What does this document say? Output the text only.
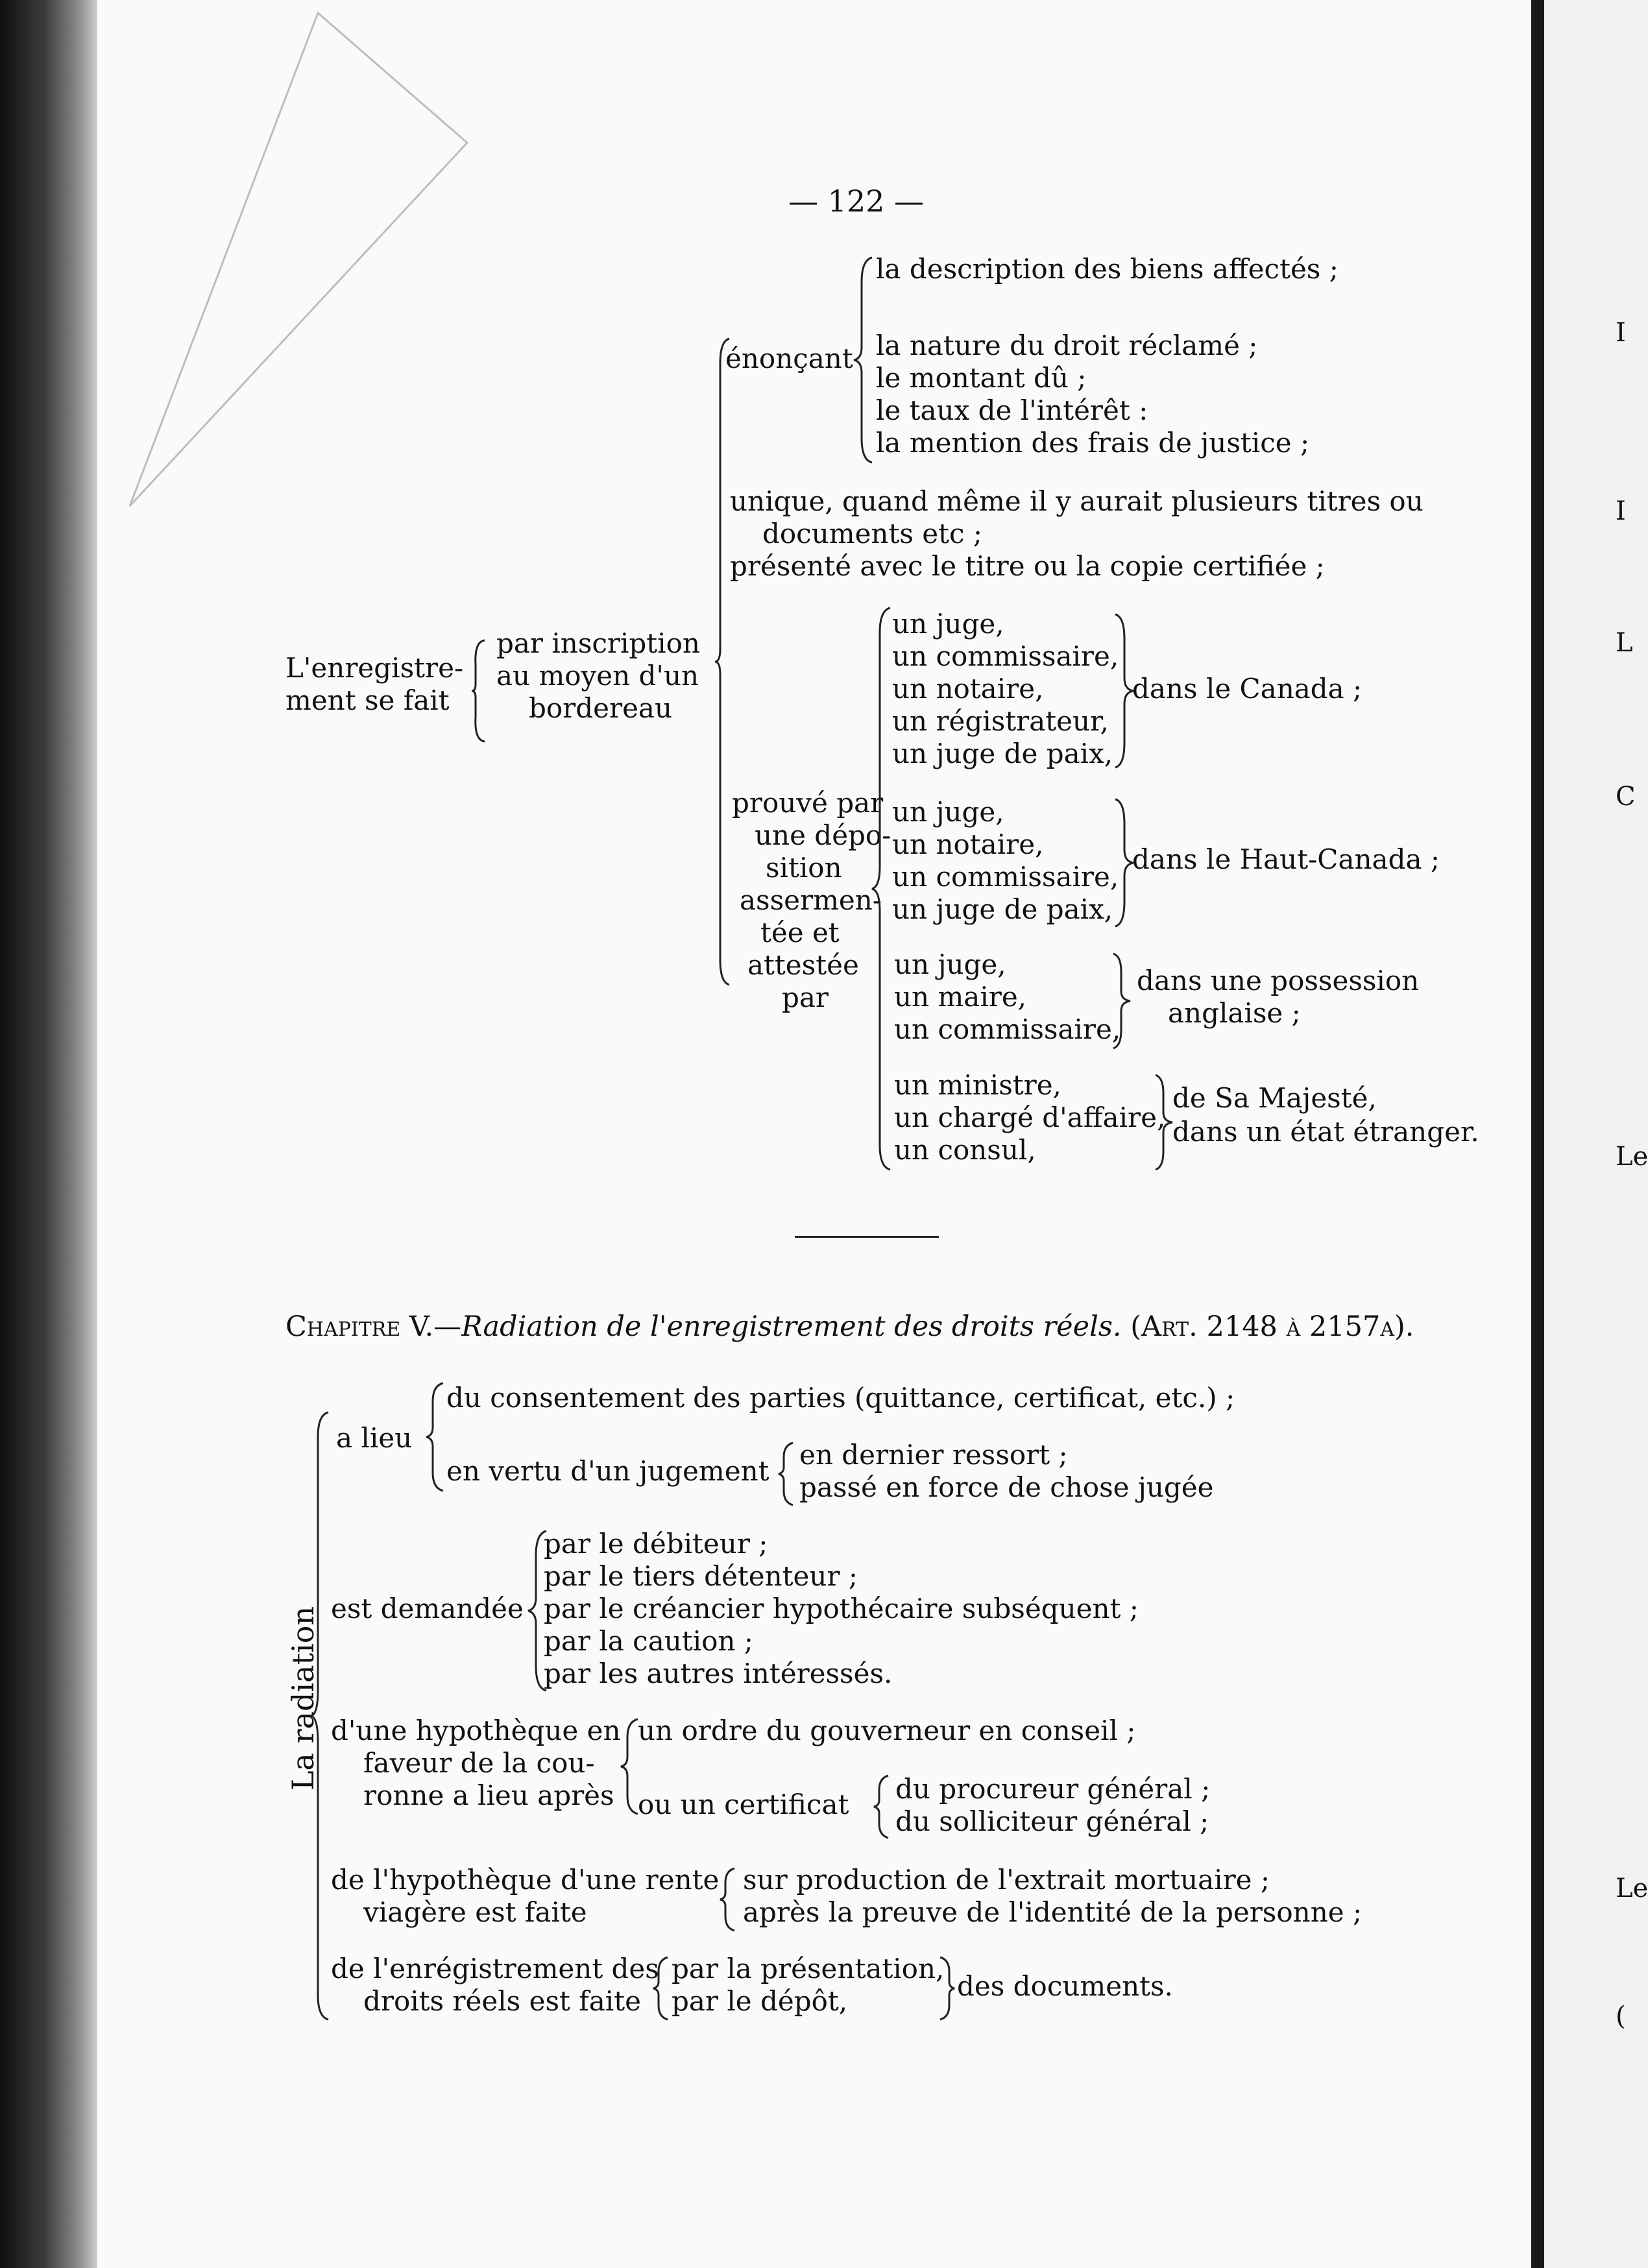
— 122 —
L'enregistre-
ment se fait
par inscription
au moyen d'un
bordereau
énonçant
la description des biens affectés ;
la nature du droit réclamé ;
le montant dû ;
le taux de l'intérêt :
la mention des frais de justice ;
unique, quand même il y aurait plusieurs titres ou
documents etc ;
présenté avec le titre ou la copie certifiée ;
prouvé par
une dépo-
sition
assermen-
tée et
attestée
par
un juge,
un commissaire,
un notaire,
un régistrateur,
un juge de paix,
dans le Canada ;
un juge,
un notaire,
un commissaire,
un juge de paix,
dans le Haut-Canada ;
un juge,
un maire,
un commissaire,
dans une possession
anglaise ;
un ministre,
un chargé d'affaire,
un consul,
de Sa Majesté,
dans un état étranger.
Chapitre V.—Radiation de l'enregistrement des droits réels. (Art. 2148 à 2157a).
La radiation
a lieu
du consentement des parties (quittance, certificat, etc.) ;
en vertu d'un jugement
en dernier ressort ;
passé en force de chose jugée
est demandée
par le débiteur ;
par le tiers détenteur ;
par le créancier hypothécaire subséquent ;
par la caution ;
par les autres intéressés.
d'une hypothèque en
faveur de la cou-
ronne a lieu après
un ordre du gouverneur en conseil ;
ou un certificat du procureur général ;
du solliciteur général ;
de l'hypothèque d'une rente
viagère est faite
sur production de l'extrait mortuaire ;
après la preuve de l'identité de la personne ;
de l'enrégistrement des
droits réels est faite
par la présentation,
par le dépôt,	des documents.
I
I
L
C
Le
Le
(
